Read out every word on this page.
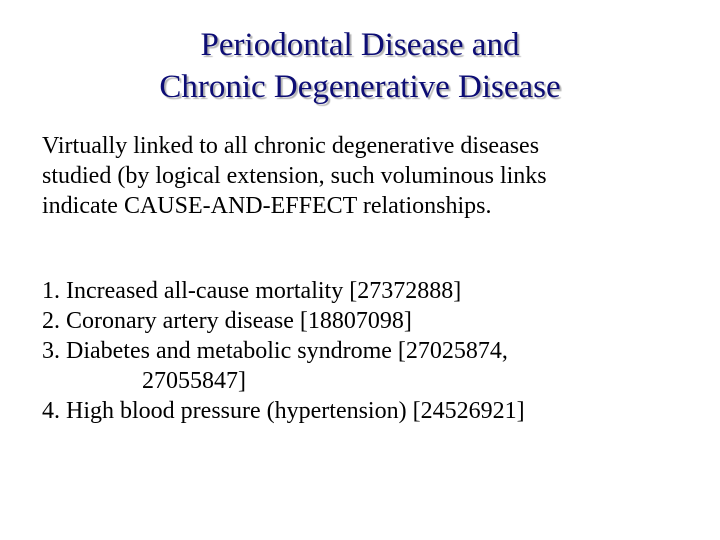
Periodontal Disease and
Chronic Degenerative Disease
Virtually linked to all chronic degenerative diseases
studied (by logical extension, such voluminous links
indicate CAUSE-AND-EFFECT relationships.
1. Increased all-cause mortality [27372888]
2. Coronary artery disease [18807098]
3. Diabetes and metabolic syndrome [27025874,
27055847]
4. High blood pressure (hypertension) [24526921]
